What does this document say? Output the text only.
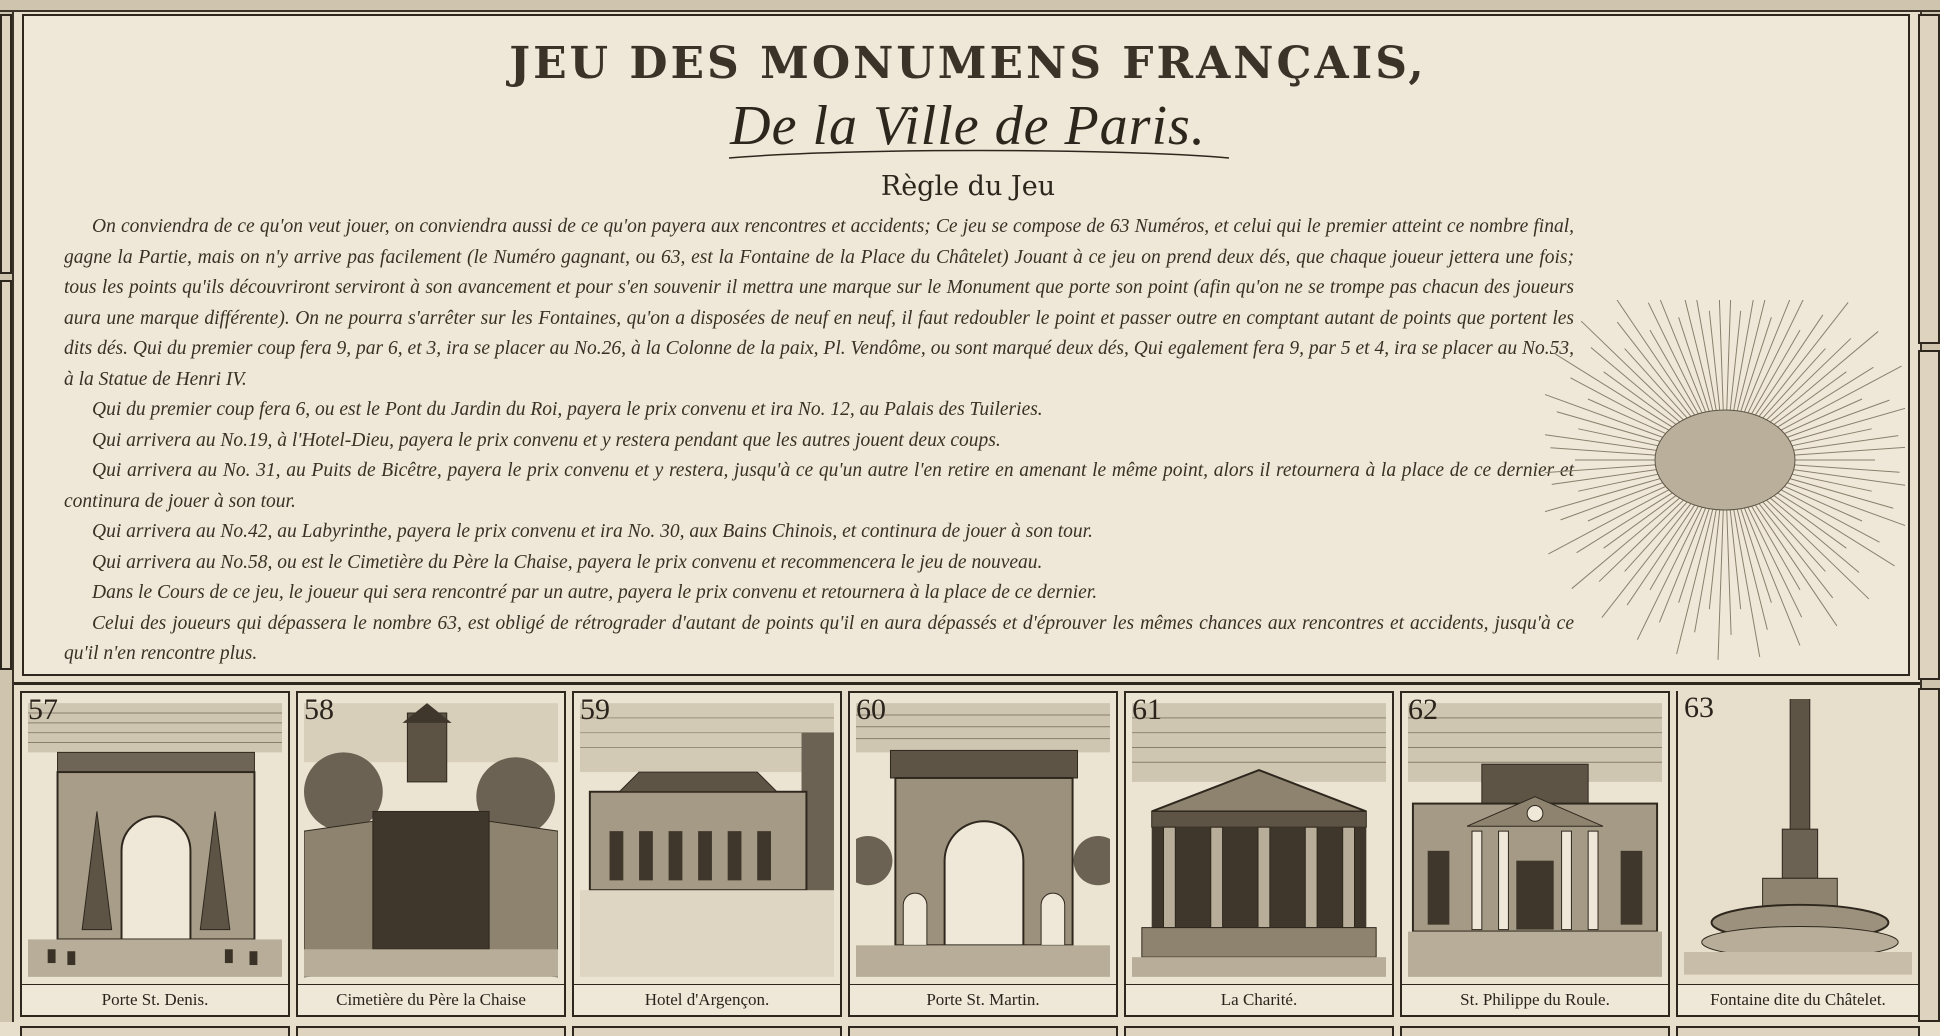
JEU DES MONUMENS FRANÇAIS,
De la Ville de Paris.
Règle du Jeu

On conviendra de ce qu'on veut jouer, on conviendra aussi de ce qu'on payera aux rencontres et accidents; Ce jeu se compose de 63 Numéros, et celui qui le premier atteint ce nombre final, gagne la Partie, mais on n'y arrive pas facilement (le Numéro gagnant, ou 63, est la Fontaine de la Place du Châtelet) Jouant à ce jeu on prend deux dés, que chaque joueur jettera une fois; tous les points qu'ils découvriront serviront à son avancement et pour s'en souvenir il mettra une marque sur le Monument que porte son point (afin qu'on ne se trompe pas chacun des joueurs aura une marque différente). On ne pourra s'arrêter sur les Fontaines, qu'on a disposées de neuf en neuf, il faut redoubler le point et passer outre en comptant autant de points que portent les dits dés. Qui du premier coup fera 9, par 6, et 3, ira se placer au No.26, à la Colonne de la paix, Pl. Vendôme, ou sont marqué deux dés, Qui egalement fera 9, par 5 et 4, ira se placer au No.53, à la Statue de Henri IV.

Qui du premier coup fera 6, ou est le Pont du Jardin du Roi, payera le prix convenu et ira No. 12, au Palais des Tuileries.

Qui arrivera au No.19, à l'Hotel-Dieu, payera le prix convenu et y restera pendant que les autres jouent deux coups.

Qui arrivera au No. 31, au Puits de Bicêtre, payera le prix convenu et y restera, jusqu'à ce qu'un autre l'en retire en amenant le même point, alors il retournera à la place de ce dernier et continura de jouer à son tour.

Qui arrivera au No.42, au Labyrinthe, payera le prix convenu et ira No. 30, aux Bains Chinois, et continura de jouer à son tour.

Qui arrivera au No.58, ou est le Cimetière du Père la Chaise, payera le prix convenu et recommencera le jeu de nouveau.

Dans le Cours de ce jeu, le joueur qui sera rencontré par un autre, payera le prix convenu et retournera à la place de ce dernier.

Celui des joueurs qui dépassera le nombre 63, est obligé de rétrograder d'autant de points qu'il en aura dépassés et d'éprouver les mêmes chances aux rencontres et accidents, jusqu'à ce qu'il n'en rencontre plus.

57
Porte St. Denis.
58
Cimetière du Père la Chaise
59
Hotel d'Argençon.
60
Porte St. Martin.
61
La Charité.
62
St. Philippe du Roule.
63
Fontaine dite du Châtelet.
